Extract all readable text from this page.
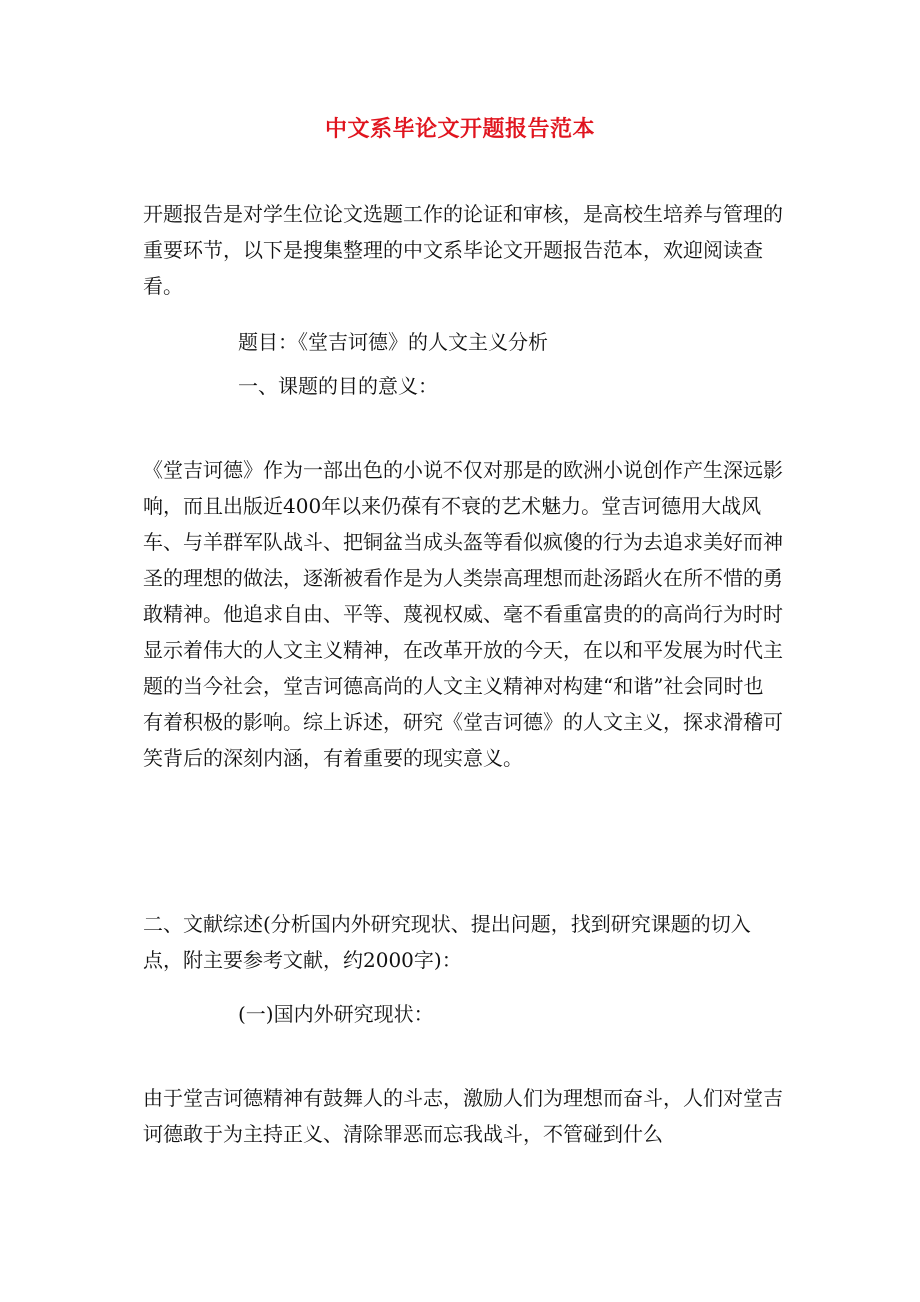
中文系毕论文开题报告范本

开题报告是对学生位论文选题工作的论证和审核，是高校生培养与管理的重要环节，以下是搜集整理的中文系毕论文开题报告范本，欢迎阅读查看。

题目：《堂吉诃德》的人文主义分析
一、课题的目的意义：

《堂吉诃德》作为一部出色的小说不仅对那是的欧洲小说创作产生深远影响，而且出版近400年以来仍葆有不衰的艺术魅力。堂吉诃德用大战风车、与羊群军队战斗、把铜盆当成头盔等看似疯傻的行为去追求美好而神圣的理想的做法，逐渐被看作是为人类崇高理想而赴汤蹈火在所不惜的勇敢精神。他追求自由、平等、蔑视权威、毫不看重富贵的的高尚行为时时显示着伟大的人文主义精神，在改革开放的今天，在以和平发展为时代主题的当今社会，堂吉诃德高尚的人文主义精神对构建“和谐”社会同时也有着积极的影响。综上诉述，研究《堂吉诃德》的人文主义，探求滑稽可笑背后的深刻内涵，有着重要的现实意义。

二、文献综述(分析国内外研究现状、提出问题，找到研究课题的切入点，附主要参考文献，约2000字)：

(一)国内外研究现状：

由于堂吉诃德精神有鼓舞人的斗志，激励人们为理想而奋斗，人们对堂吉诃德敢于为主持正义、清除罪恶而忘我战斗，不管碰到什么
